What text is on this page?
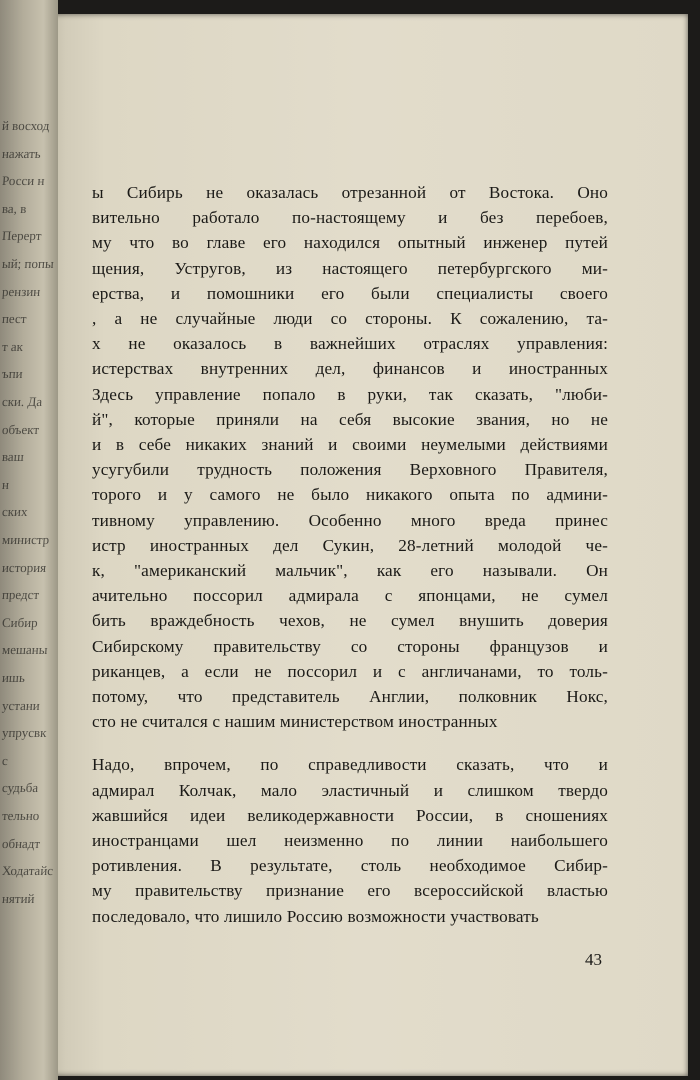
ы Сибирь не оказалась отрезанной от Востока. Оно
вительно работало по-настоящему и без перебоев,
му что во главе его находился опытный инженер путей
щения, Устругов, из настоящего петербургского ми-
ерства, и помошники его были специалисты своего
, а не случайные люди со стороны. К сожалению, та-
х не оказалось в важнейших отраслях управления:
истерствах внутренних дел, финансов и иностранных
Здесь управление попало в руки, так сказать, "люби-
й", которые приняли на себя высокие звания, но не
и в себе никаких знаний и своими неумелыми действиями
усугубили трудность положения Верховного Правителя,
торого и у самого не было никакого опыта по админи-
тивному управлению. Особенно много вреда принес
истр иностранных дел Сукин, 28-летний молодой че-
к, "американский мальчик", как его называли. Он
ачительно поссорил адмирала с японцами, не сумел
бить враждебность чехов, не сумел внушить доверия
Сибирскому правительству со стороны французов и
риканцев, а если не поссорил и с англичанами, то толь-
потому, что представитель Англии, полковник Нокс,
сто не считался с нашим министерством иностранных
Надо, впрочем, по справедливости сказать, что и
адмирал Колчак, мало эластичный и слишком твердо
жавшийся идеи великодержавности России, в сношениях
иностранцами шел неизменно по линии наибольшего
ротивления. В результате, столь необходимое Сибир-
му правительству признание его всероссийской властью
последовало, что лишило Россию возможности участвовать
43
й восход
нажать
Росси н
ва, в
Перерт
ый; попы
рензин
пест
т ак
ъпи
ски. Да
объект
ваш
н
ских
министр
история
предст
Сибир
мешаны
ишь
устани
упрусвк
с
судьба
тельно
обнадт
Ходатайс
нятий
